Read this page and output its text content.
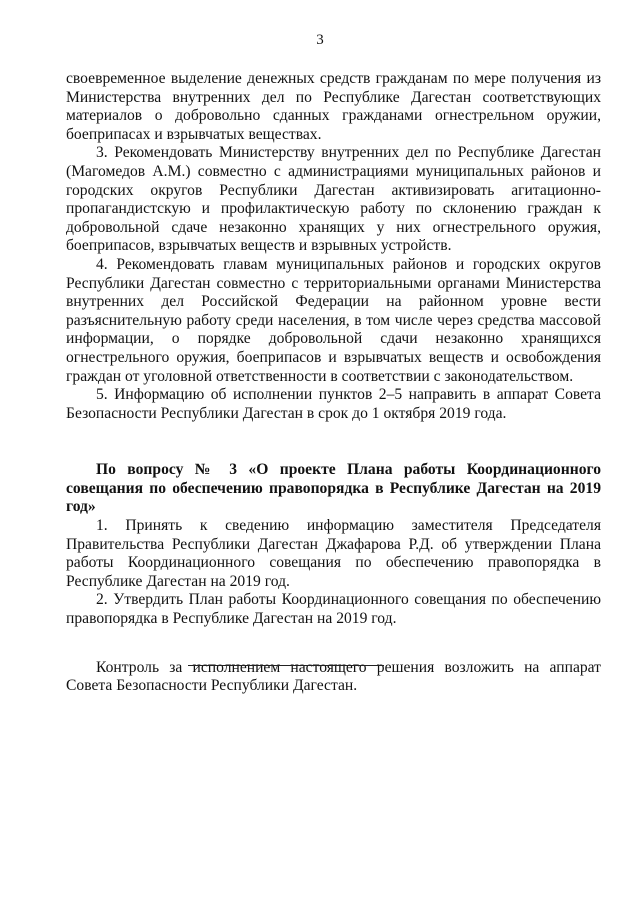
3

своевременное выделение денежных средств гражданам по мере получения из Министерства внутренних дел по Республике Дагестан соответствующих материалов о добровольно сданных гражданами огнестрельном оружии, боеприпасах и взрывчатых веществах.

3. Рекомендовать Министерству внутренних дел по Республике Дагестан (Магомедов А.М.) совместно с администрациями муниципальных районов и городских округов Республики Дагестан активизировать агитационно-пропагандистскую и профилактическую работу по склонению граждан к добровольной сдаче незаконно хранящих у них огнестрельного оружия, боеприпасов, взрывчатых веществ и взрывных устройств.

4. Рекомендовать главам муниципальных районов и городских округов Республики Дагестан совместно с территориальными органами Министерства внутренних дел Российской Федерации на районном уровне вести разъяснительную работу среди населения, в том числе через средства массовой информации, о порядке добровольной сдачи незаконно хранящихся огнестрельного оружия, боеприпасов и взрывчатых веществ и освобождения граждан от уголовной ответственности в соответствии с законодательством.

5. Информацию об исполнении пунктов 2–5 направить в аппарат Совета Безопасности Республики Дагестан в срок до 1 октября 2019 года.

По вопросу № 3 «О проекте Плана работы Координационного совещания по обеспечению правопорядка в Республике Дагестан на 2019 год»

1. Принять к сведению информацию заместителя Председателя Правительства Республики Дагестан Джафарова Р.Д. об утверждении Плана работы Координационного совещания по обеспечению правопорядка в Республике Дагестан на 2019 год.

2. Утвердить План работы Координационного совещания по обеспечению правопорядка в Республике Дагестан на 2019 год.

Контроль за исполнением настоящего решения возложить на аппарат Совета Безопасности Республики Дагестан.
